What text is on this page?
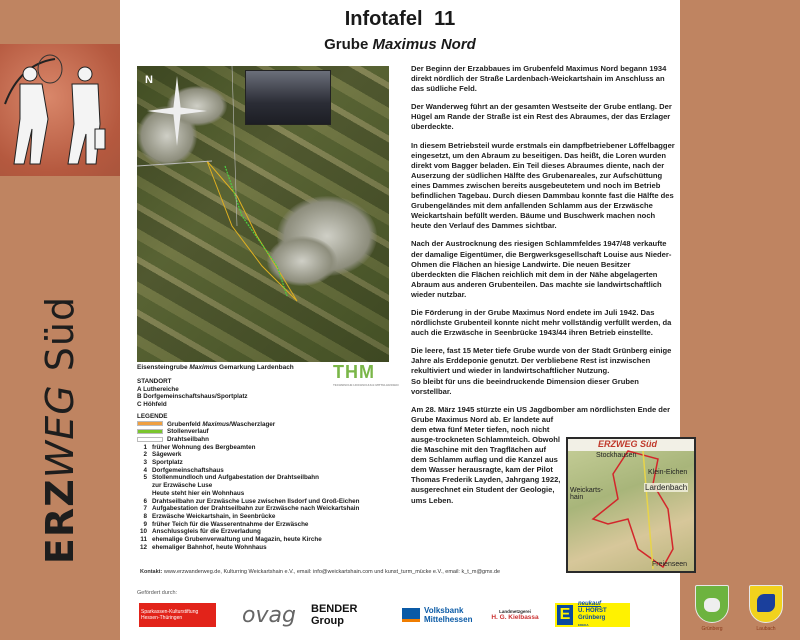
ERZWEG Süd
Infotafel 11
Grube Maximus Nord
N
Eisensteingrube Maximus Gemarkung Lardenbach THM
TECHNISCHE HOCHSCHULE MITTELHESSEN
STANDORT
A Luthereiche
B Dorfgemeinschaftshaus/Sportplatz
C Höhfeld
LEGENDE
Grubenfeld Maximus/Wascherzlager
Stollenverlauf
Drahtseilbahn
1 früher Wohnung des Bergbeamten
2 Sägewerk
3 Sportplatz
4 Dorfgemeinschaftshaus
5 Stollenmundloch und Aufgabestation der Drahtseilbahn
zur Erzwäsche Luse
Heute steht hier ein Wohnhaus
6 Drahtseilbahn zur Erzwäsche Luse zwischen Ilsdorf und Groß-Eichen
7 Aufgabestation der Drahtseilbahn zur Erzwäsche nach Weickartshain
8 Erzwäsche Weickartshain, in Seenbrücke
9 früher Teich für die Wasserentnahme der Erzwäsche
10 Anschlussgleis für die Erzverladung
11 ehemalige Grubenverwaltung und Magazin, heute Kirche
12 ehemaliger Bahnhof, heute Wohnhaus

Der Beginn der Erzabbaues im Grubenfeld Maximus Nord begann 1934 direkt nördlich der Straße Lardenbach-Weickartshain im Anschluss an das südliche Feld.

Der Wanderweg führt an der gesamten Westseite der Grube entlang. Der Hügel am Rande der Straße ist ein Rest des Abraumes, der das Erzlager überdeckte.

In diesem Betriebsteil wurde erstmals ein dampfbetriebener Löffelbagger eingesetzt, um den Abraum zu beseitigen. Das heißt, die Loren wurden direkt vom Bagger beladen. Ein Teil dieses Abraumes diente, nach der Auserzung der südlichen Hälfte des Grubenareales, zur Aufschüttung eines Dammes zwischen bereits ausgebeutetem und noch im Betrieb befindlichen Tagebau. Durch diesen Dammbau konnte fast die Hälfte des Grubengeländes mit dem anfallenden Schlamm aus der Erzwäsche Weickartshain befüllt werden. Bäume und Buschwerk machen noch heute den Verlauf des Dammes sichtbar.

Nach der Austrocknung des riesigen Schlammfeldes 1947/48 verkaufte der damalige Eigentümer, die Bergwerksgesellschaft Louise aus Nieder-Ohmen die Flächen an hiesige Landwirte. Die neuen Besitzer überdeckten die Flächen reichlich mit dem in der Nähe abgelagerten Abraum aus anderen Grubenteilen. Das machte sie landwirtschaftlich wieder nutzbar.

Die Förderung in der Grube Maximus Nord endete im Juli 1942. Das nördlichste Grubenteil konnte nicht mehr vollständig verfüllt werden, da auch die Erzwäsche in Seenbrücke 1943/44 ihren Betrieb einstellte.

Die leere, fast 15 Meter tiefe Grube wurde von der Stadt Grünberg einige Jahre als Erddeponie genutzt. Der verbliebene Rest ist inzwischen rekultiviert und wieder in landwirtschaftlicher Nutzung.
So bleibt für uns die beeindruckende Dimension dieser Gruben vorstellbar.

Am 28. März 1945 stürzte ein US Jagdbomber am nördlichsten Ende der Grube Maximus Nord ab. Er landete auf dem etwa fünf Meter tiefen, noch nicht ausge-trockneten Schlammteich. Obwohl die Maschine mit den Tragflächen auf dem Schlamm auflag und die Kanzel aus dem Wasser herausragte, kam der Pilot Thomas Frederik Layden, Jahrgang 1922, ausgerechnet ein Student der Geologie, ums Leben.

ERZWEG Süd
Stockhausen
Weickarts-hain
Klein-Eichen
Lardenbach
Freienseen
Kontakt: www.erzwanderweg.de, Kulturring Weickartshain e.V., email: info@weickartshain.com und kunst_turm_mücke e.V., email: k_t_m@gmx.de
Gefördert durch:
Sparkassen-Kulturstiftung Hessen-Thüringen	ovag	BENDER Group
Volksbank Mittelhessen
Landmetzgerei
H. G. Kielbassa E
neukauf
U. HORST
Grünberg
EDEKA
Grünberg	Laubach
